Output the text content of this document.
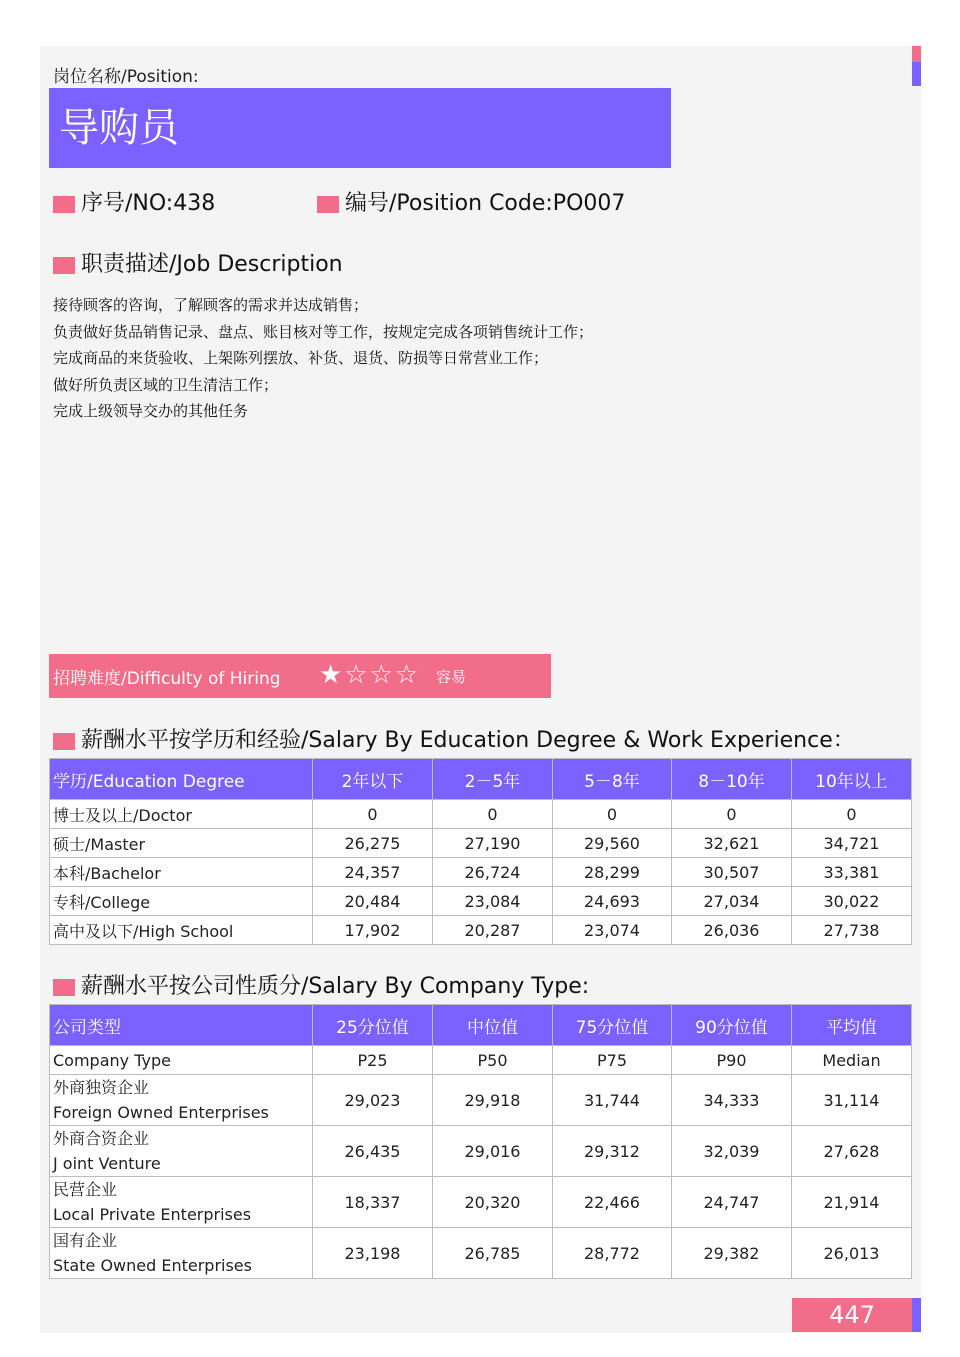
岗位名称/Position:
导购员
序号/NO:438	编号/Position Code:PO007
职责描述/Job Description
接待顾客的咨询，了解顾客的需求并达成销售；
负责做好货品销售记录、盘点、账目核对等工作，按规定完成各项销售统计工作；
完成商品的来货验收、上架陈列摆放、补货、退货、防损等日常营业工作；
做好所负责区域的卫生清洁工作；
完成上级领导交办的其他任务
招聘难度/Difficulty of Hiring ★☆☆☆ 容易
薪酬水平按学历和经验/Salary By Education Degree & Work Experience：
学历/Education Degree	2年以下	2－5年	5－8年	8－10年	10年以上
博士及以上/Doctor	0	0	0	0	0
硕士/Master	26,275	27,190	29,560	32,621	34,721
本科/Bachelor	24,357	26,724	28,299	30,507	33,381
专科/College	20,484	23,084	24,693	27,034	30,022
高中及以下/High School	17,902	20,287	23,074	26,036	27,738
薪酬水平按公司性质分/Salary By Company Type:
公司类型	25分位值	中位值	75分位值	90分位值	平均值
Company Type	P25	P50	P75	P90	Median

外商独资企业
Foreign Owned Enterprises	29,023	29,918	31,744	34,333	31,114

外商合资企业
J oint Venture	26,435	29,016	29,312	32,039	27,628

民营企业
Local Private Enterprises	18,337	20,320	22,466	24,747	21,914

国有企业
State Owned Enterprises	23,198	26,785	28,772	29,382	26,013
447
